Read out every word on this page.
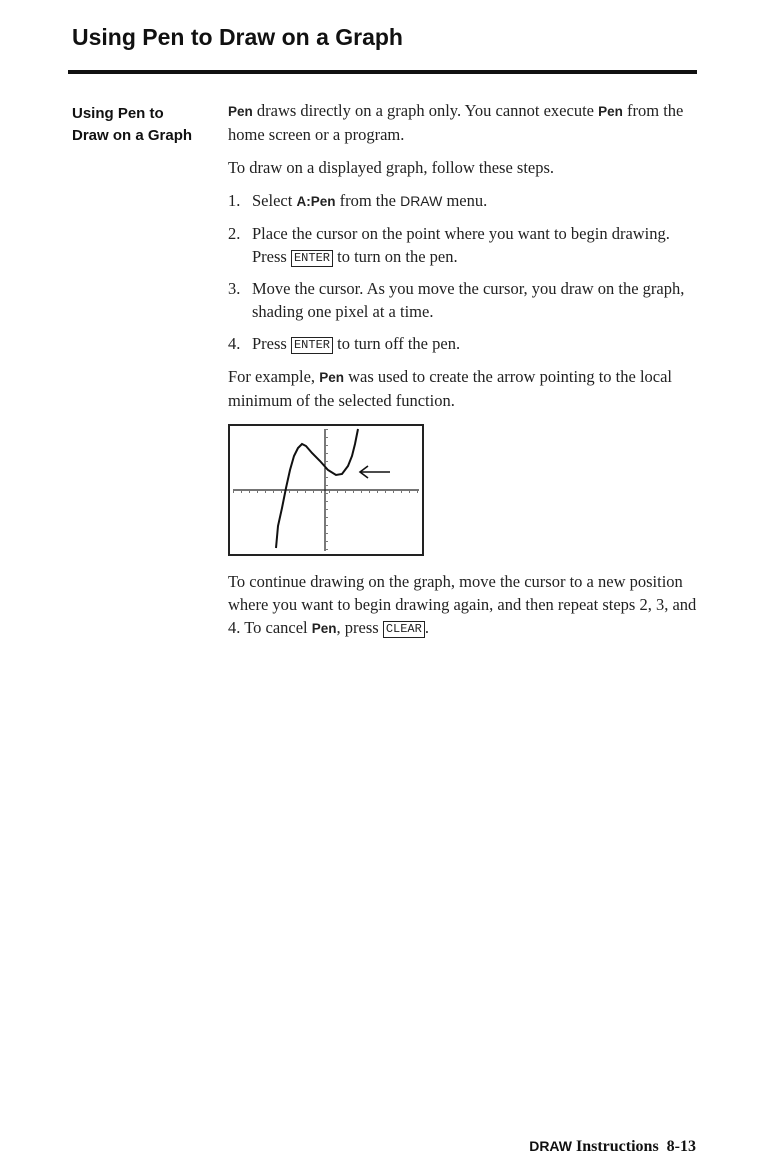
Using Pen to Draw on a Graph
Using Pen to
Draw on a Graph

Pen draws directly on a graph only. You cannot execute Pen from the home screen or a program.

To draw on a displayed graph, follow these steps.

1. Select A:Pen from the DRAW menu.
2. Place the cursor on the point where you want to begin drawing. Press ENTER to turn on the pen.
3. Move the cursor. As you move the cursor, you draw on the graph, shading one pixel at a time.
4. Press ENTER to turn off the pen.

For example, Pen was used to create the arrow pointing to the local minimum of the selected function.

To continue drawing on the graph, move the cursor to a new position where you want to begin drawing again, and then repeat steps 2, 3, and 4. To cancel Pen, press CLEAR .

DRAW Instructions 8-13
